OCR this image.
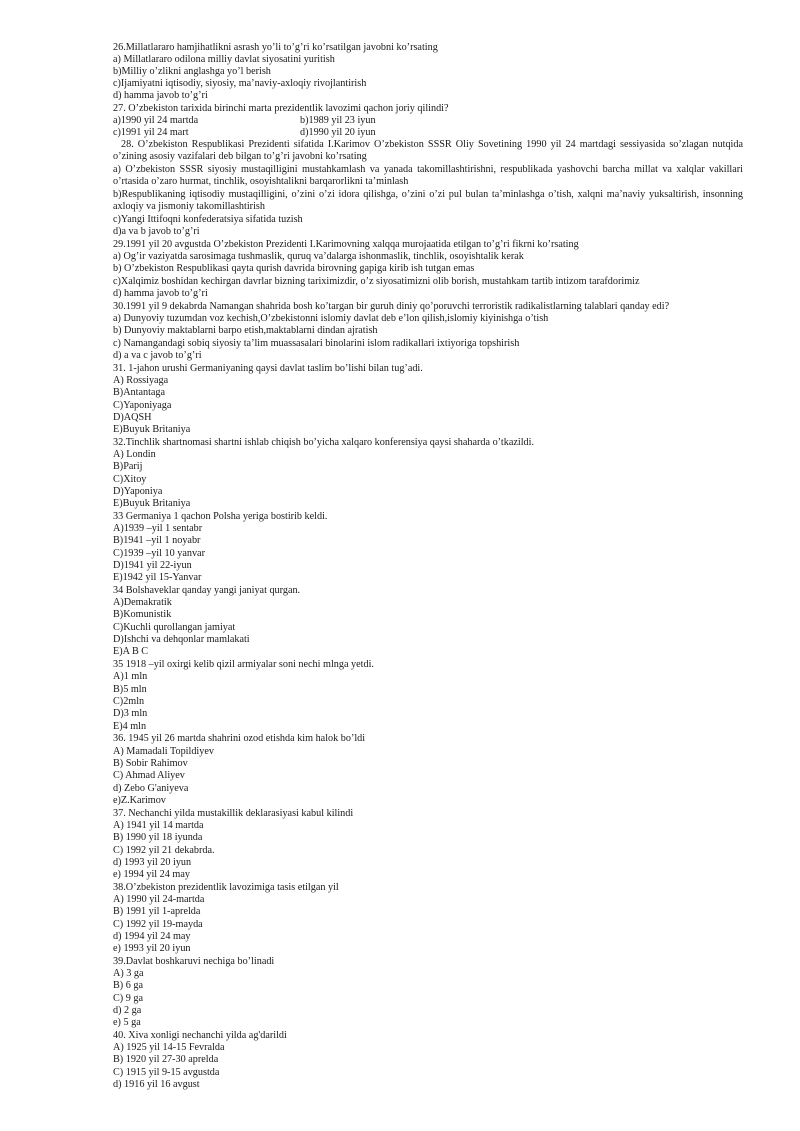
26.Millatlararo hamjihatlikni asrash yo’li to’g’ri ko’rsatilgan javobni ko’rsating
a) Millatlararo odilona milliy davlat siyosatini yuritish
b)Milliy o’zlikni anglashga yo’l berish
c)Ijamiyatni iqtisodiy, siyosiy, ma’naviy-axloqiy rivojlantirish
d) hamma javob to’g’ri
27. O’zbekiston tarixida birinchi marta prezidentlik lavozimi qachon joriy qilindi?
a)1990 yil 24 martda	b)1989 yil 23 iyun
c)1991 yil 24 mart	d)1990 yil 20 iyun
28. O’zbekiston Respublikasi Prezidenti sifatida I.Karimov O’zbekiston SSSR Oliy Sovetining 1990 yil 24 martdagi sessiyasida so’zlagan nutqida o’zining asosiy vazifalari deb bilgan to’g’ri javobni ko’rsating
a) O’zbekiston SSSR siyosiy mustaqilligini mustahkamlash va yanada takomillashtirishni, respublikada yashovchi barcha millat va xalqlar vakillari o’rtasida o’zaro hurmat, tinchlik, osoyishtalikni barqarorlikni ta’minlash
b)Respublikaning iqtisodiy mustaqilligini, o’zini o’zi idora qilishga, o’zini o’zi pul bulan ta’minlashga o’tish, xalqni ma’naviy yuksaltirish, insonning axloqiy va jismoniy takomillashtirish
c)Yangi Ittifoqni konfederatsiya sifatida tuzish
d)a va b javob to’g’ri
29.1991 yil 20 avgustda O’zbekiston Prezidenti I.Karimovning xalqqa murojaatida etilgan to’g’ri fikrni ko’rsating
a) Og’ir vaziyatda sarosimaga tushmaslik, quruq va’dalarga ishonmaslik, tinchlik, osoyishtalik kerak
b) O’zbekiston Respublikasi qayta qurish davrida birovning gapiga kirib ish tutgan emas
c)Xalqimiz boshidan kechirgan davrlar bizning tariximizdir, o’z siyosatimizni olib borish, mustahkam tartib intizom tarafdorimiz
d) hamma javob to’g’ri
30.1991 yil 9 dekabrda Namangan shahrida bosh ko’targan bir guruh diniy qo’poruvchi terroristik radikalistlarning talablari qanday edi?
a) Dunyoviy tuzumdan voz kechish,O’zbekistonni islomiy davlat deb e’lon qilish,islomiy kiyinishga o’tish
b) Dunyoviy maktablarni barpo etish,maktablarni dindan ajratish
c) Namangandagi sobiq siyosiy ta’lim muassasalari binolarini islom radikallari ixtiyoriga topshirish
d) a va c javob to’g’ri
31. 1-jahon urushi Germaniyaning qaysi davlat taslim bo’lishi bilan tug’adi.
A) Rossiyaga
B)Antantaga
C)Yaponiyaga
D)AQSH
E)Buyuk Britaniya
32.Tinchlik shartnomasi shartni ishlab chiqish bo’yicha xalqaro konferensiya qaysi shaharda o’tkazildi.
A) Londin
B)Parij
C)Xitoy
D)Yaponiya
E)Buyuk Britaniya
33 Germaniya 1 qachon Polsha yeriga bostirib keldi.
A)1939 –yil 1 sentabr
B)1941 –yil 1 noyabr
C)1939 –yil 10 yanvar
D)1941 yil 22-iyun
E)1942 yil 15-Yanvar
34 Bolshaveklar qanday yangi janiyat qurgan.
A)Demakratik
B)Komunistik
C)Kuchli qurollangan jamiyat
D)Ishchi va dehqonlar mamlakati
E)A B C
35 1918 –yil oxirgi kelib qizil armiyalar soni nechi mlnga yetdi.
A)1 mln
B)5 mln
C)2mln
D)3 mln
E)4 mln
36. 1945 yil 26 martda shahrini ozod etishda kim halok bo’ldi
A) Mamadali Topildiyev
B) Sobir Rahimov
C) Ahmad Aliyev
d) Zebo G'aniyeva
e)Z.Karimov
37. Nechanchi yilda mustakillik deklarasiyasi kabul kilindi
A) 1941 yil 14 martda
B) 1990 yil 18 iyunda
C) 1992 yil 21 dekabrda.
d) 1993 yil 20 iyun
e) 1994 yil 24 may
38.O’zbekiston prezidentlik lavozimiga tasis etilgan yil
A) 1990 yil 24-martda
B) 1991 yil 1-aprelda
C) 1992 yil 19-mayda
d) 1994 yil 24 may
e) 1993 yil 20 iyun
39.Davlat boshkaruvi nechiga bo’linadi
A) 3 ga
B) 6 ga
C) 9 ga
d) 2 ga
e) 5 ga
40. Xiva xonligi nechanchi yilda ag'darildi
A) 1925 yil 14-15 Fevralda
B) 1920 yil 27-30 aprelda
C) 1915 yil 9-15 avgustda
d) 1916 yil 16 avgust
